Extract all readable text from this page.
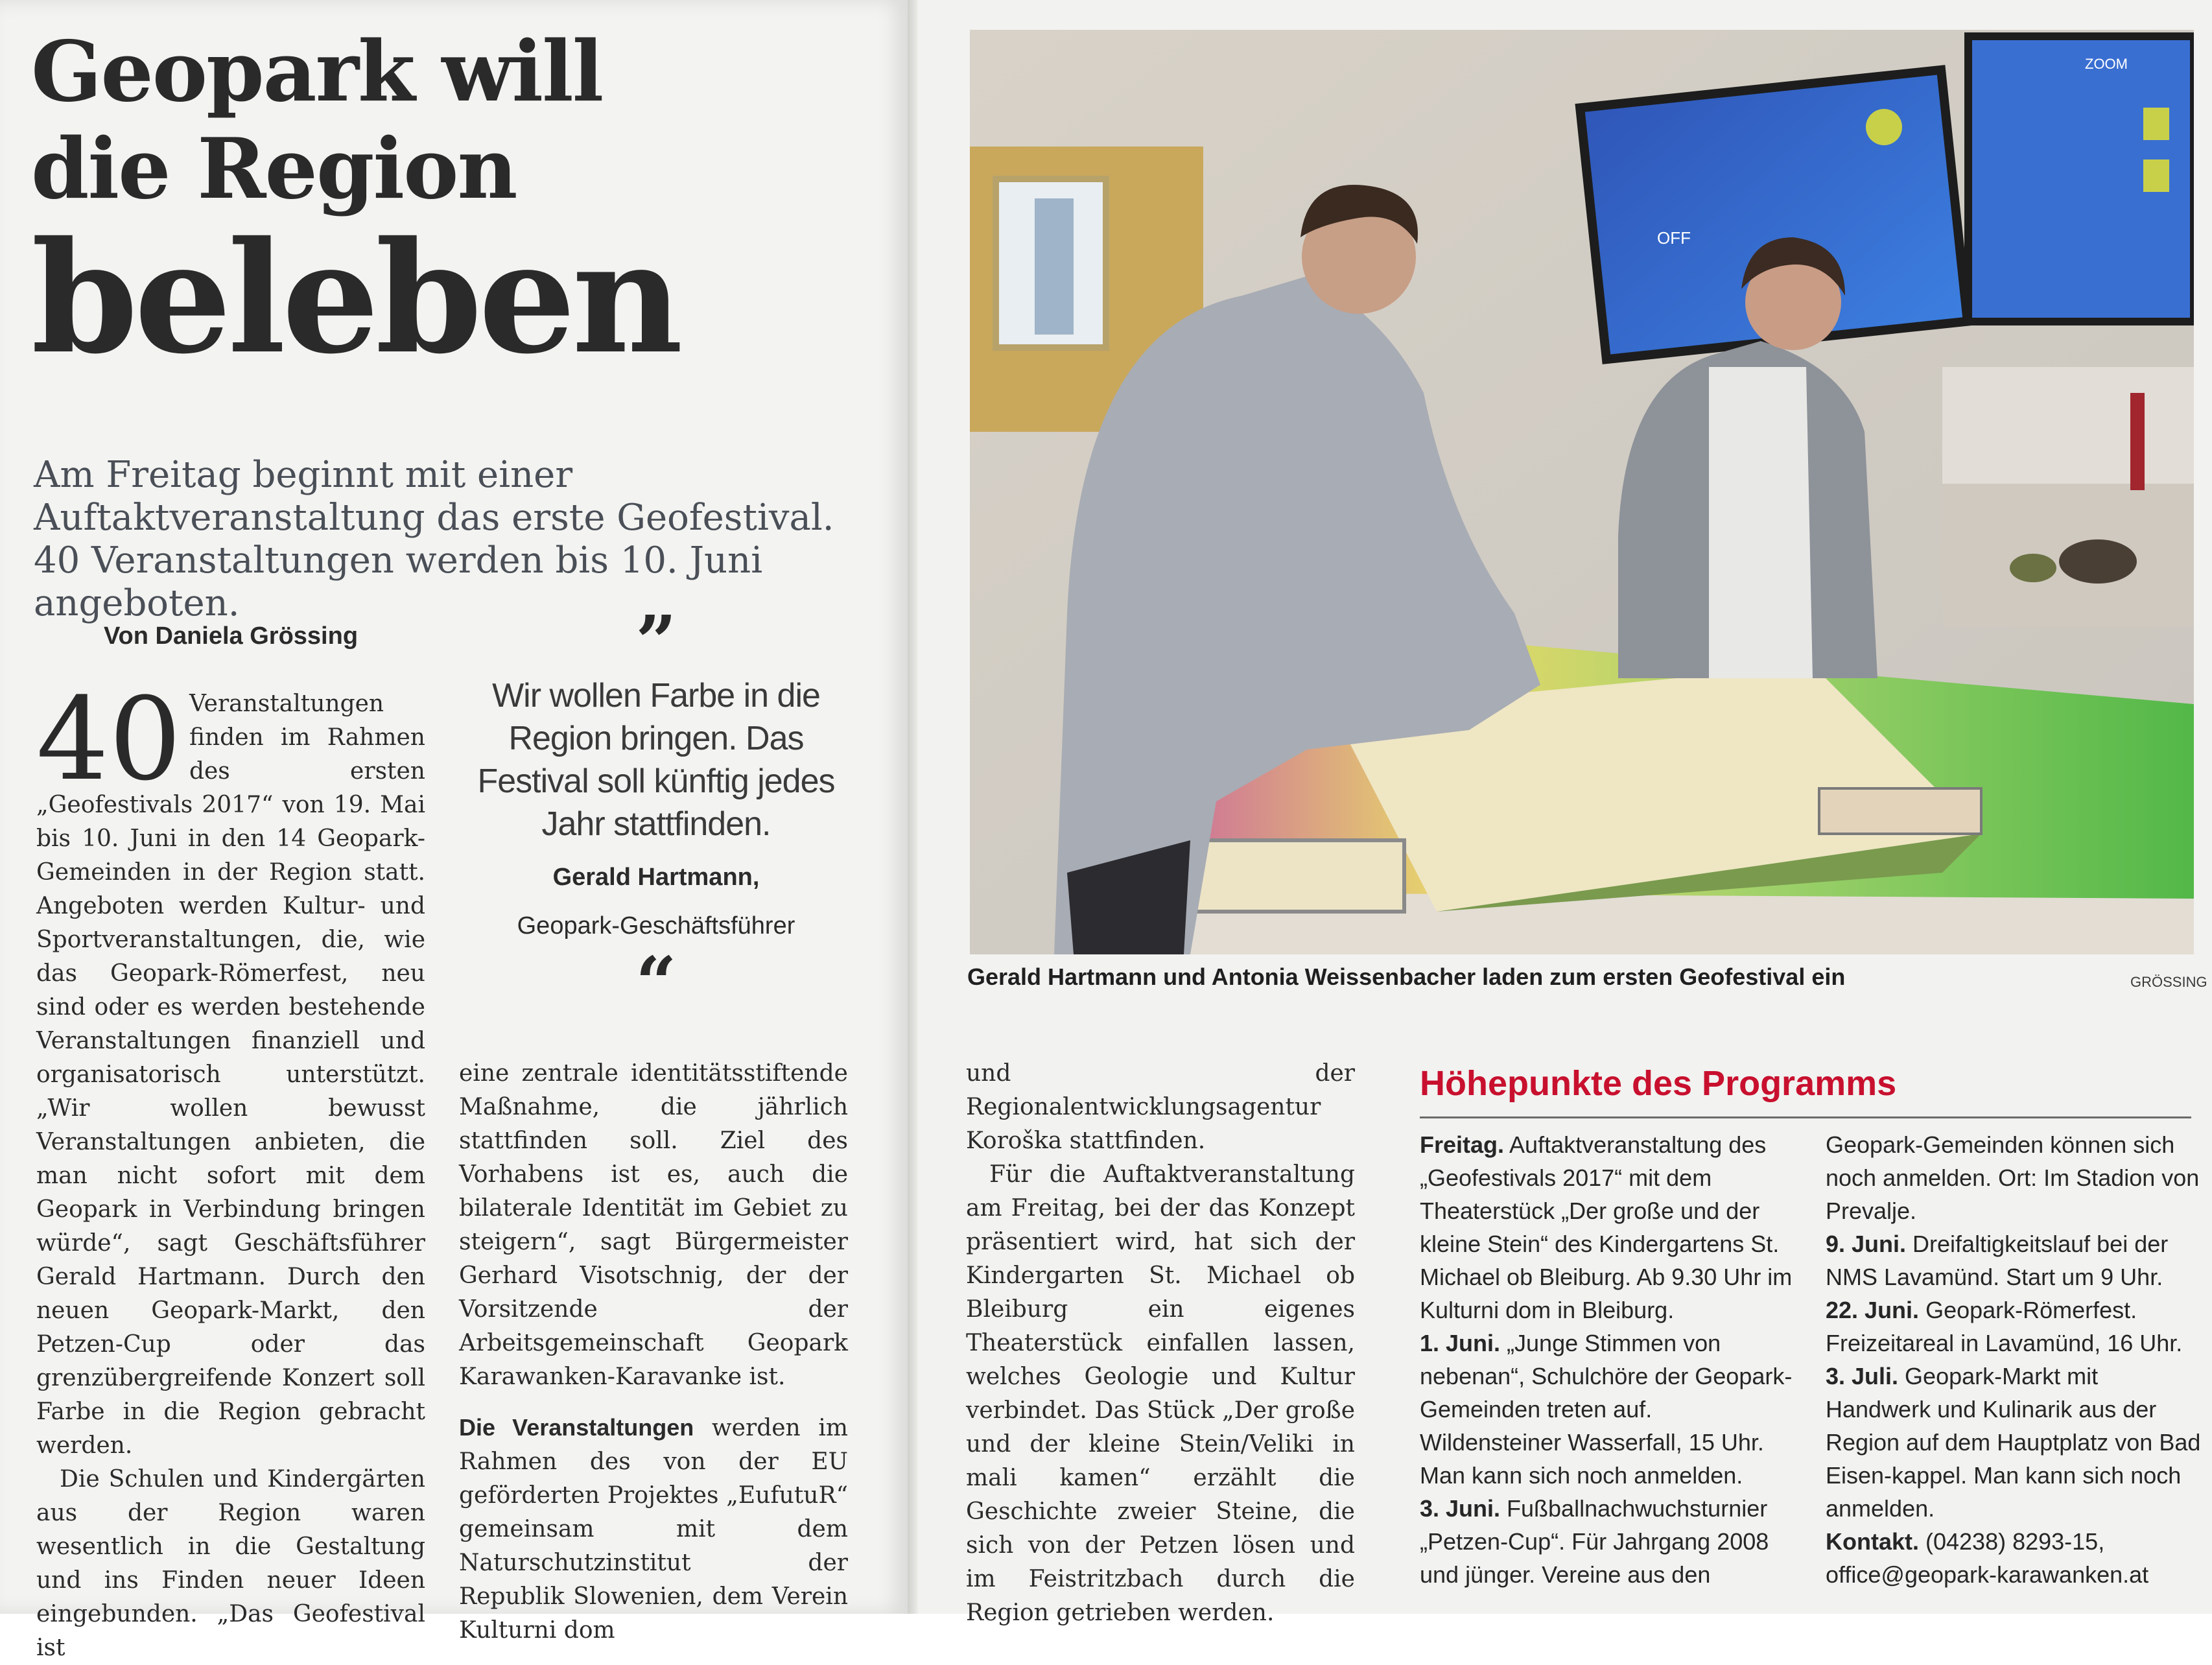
Geopark will
die Region
beleben

Am Freitag beginnt mit einer Auftaktveranstaltung das erste Geofestival. 40 Veranstaltungen werden bis 10. Juni angeboten.

Von Daniela Grössing
40 Veranstaltungen finden im Rahmen des ersten „Geofestivals 2017“ von 19. Mai bis 10. Juni in den 14 Geopark-Gemeinden in der Region statt. Angeboten werden Kultur- und Sportveranstaltungen, die, wie das Geopark-Römerfest, neu sind oder es werden bestehende Veranstaltungen finanziell und organisatorisch unterstützt. „Wir wollen bewusst Veranstaltungen anbieten, die man nicht sofort mit dem Geopark in Verbindung bringen würde“, sagt Geschäftsführer Gerald Hartmann. Durch den neuen Geopark-Markt, den Petzen-Cup oder das grenzübergreifende Konzert soll Farbe in die Region gebracht werden.

Die Schulen und Kindergärten aus der Region waren wesentlich in die Gestaltung und ins Finden neuer Ideen eingebunden. „Das Geofestival ist

”
Wir wollen Farbe in die Region bringen. Das Festival soll künftig jedes Jahr stattfinden.
Gerald Hartmann,
Geopark-Geschäftsführer
“

eine zentrale identitätsstiftende Maßnahme, die jährlich stattfinden soll. Ziel des Vorhabens ist es, auch die bilaterale Identität im Gebiet zu steigern“, sagt Bürgermeister Gerhard Visotschnig, der der Vorsitzende der Arbeitsgemeinschaft Geopark Karawanken-Karavanke ist.

Die Veranstaltungen werden im Rahmen des von der EU geförderten Projektes „EufutuR“ gemeinsam mit dem Naturschutzinstitut der Republik Slowenien, dem Verein Kulturni dom

OFF
ZOOM
Gerald Hartmann und Antonia Weissenbacher laden zum ersten Geofestival ein	GRÖSSING

und der Regionalentwicklungsagentur Koroška stattfinden.

Für die Auftaktveranstaltung am Freitag, bei der das Konzept präsentiert wird, hat sich der Kindergarten St. Michael ob Bleiburg ein eigenes Theaterstück einfallen lassen, welches Geologie und Kultur verbindet. Das Stück „Der große und der kleine Stein/Veliki in mali kamen“ erzählt die Geschichte zweier Steine, die sich von der Petzen lösen und im Feistritzbach durch die Region getrieben werden.

Höhepunkte des Programms

Freitag. Auftaktveranstaltung des „Geofestivals 2017“ mit dem Theaterstück „Der große und der kleine Stein“ des Kindergartens St. Michael ob Bleiburg. Ab 9.30 Uhr im Kulturni dom in Bleiburg.

1. Juni. „Junge Stimmen von nebenan“, Schulchöre der Geopark-Gemeinden treten auf. Wildensteiner Wasserfall, 15 Uhr. Man kann sich noch anmelden.

3. Juni. Fußballnachwuchsturnier „Petzen-Cup“. Für Jahrgang 2008 und jünger. Vereine aus den

Geopark-Gemeinden können sich noch anmelden. Ort: Im Stadion von Prevalje.

9. Juni. Dreifaltigkeitslauf bei der NMS Lavamünd. Start um 9 Uhr.

22. Juni. Geopark-Römerfest. Freizeitareal in Lavamünd, 16 Uhr.

3. Juli. Geopark-Markt mit Handwerk und Kulinarik aus der Region auf dem Hauptplatz von Bad Eisen-kappel. Man kann sich noch anmelden.

Kontakt. (04238) 8293-15, office@geopark-karawanken.at
